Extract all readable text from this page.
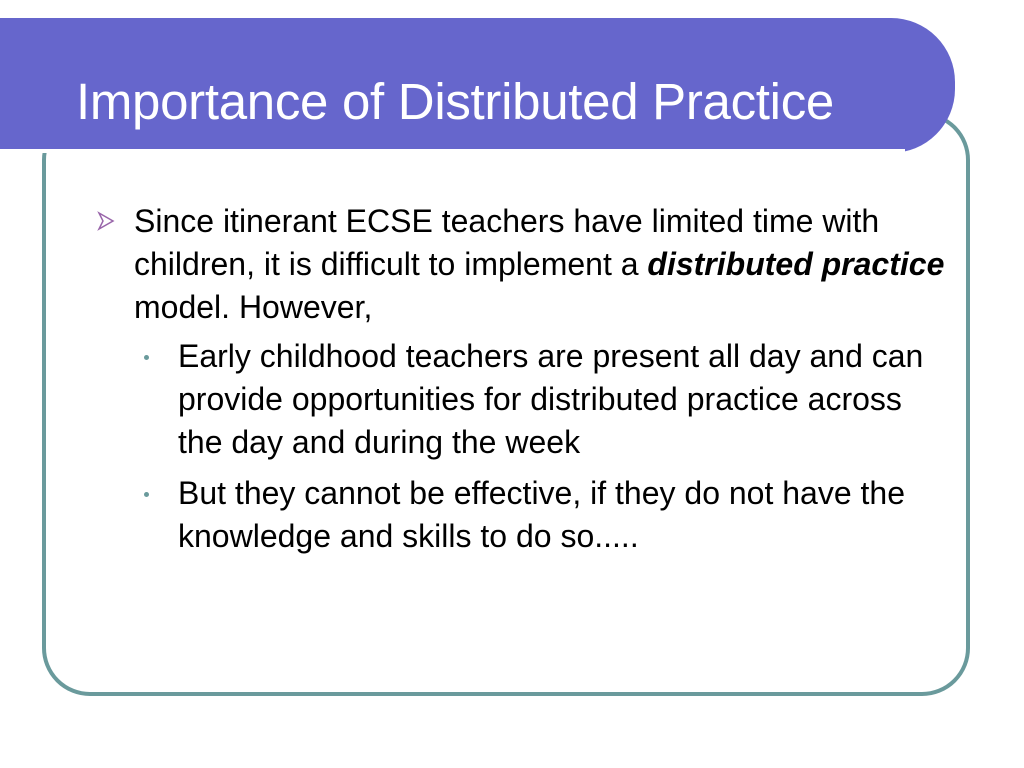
Importance of Distributed Practice
Since itinerant ECSE teachers have limited time with children, it is difficult to implement a distributed practice model. However,
Early childhood teachers are present all day and can provide opportunities for distributed practice across the day and during the week
But they cannot be effective, if they do not have the knowledge and skills to do so.....
